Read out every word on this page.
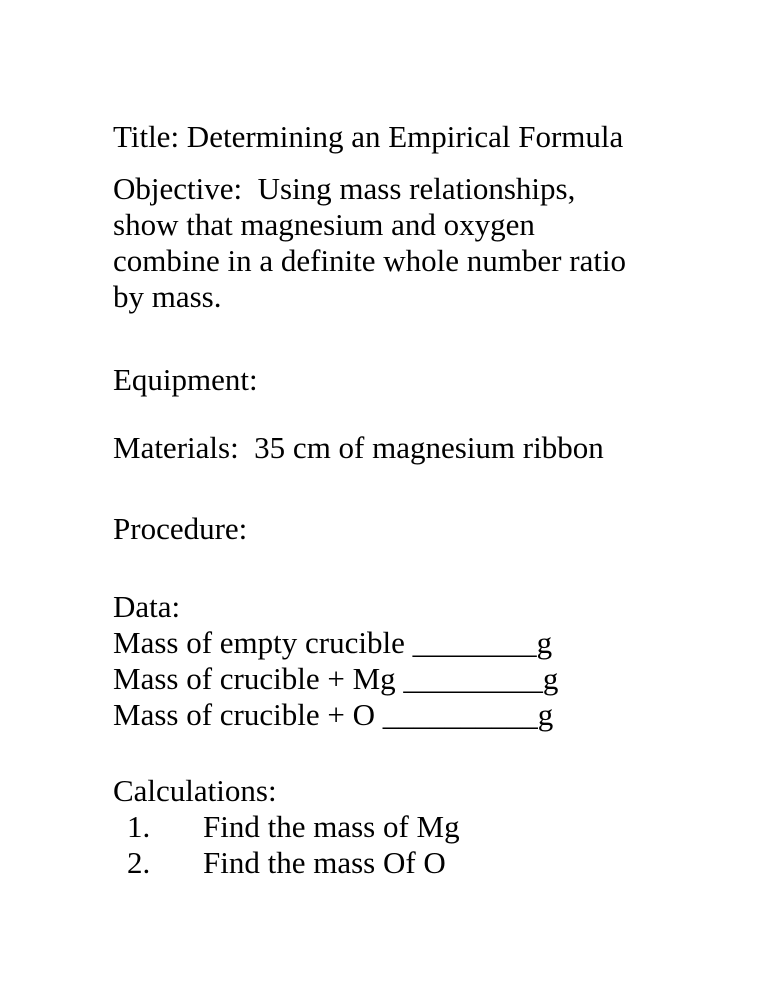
Title: Determining an Empirical Formula
Objective:  Using mass relationships,
show that magnesium and oxygen
combine in a definite whole number ratio
by mass.
Equipment:
Materials:  35 cm of magnesium ribbon
Procedure:
Data:
Mass of empty crucible ________g
Mass of crucible + Mg _________g
Mass of crucible + O __________g
Calculations:
1. Find the mass of Mg
2. Find the mass Of O
